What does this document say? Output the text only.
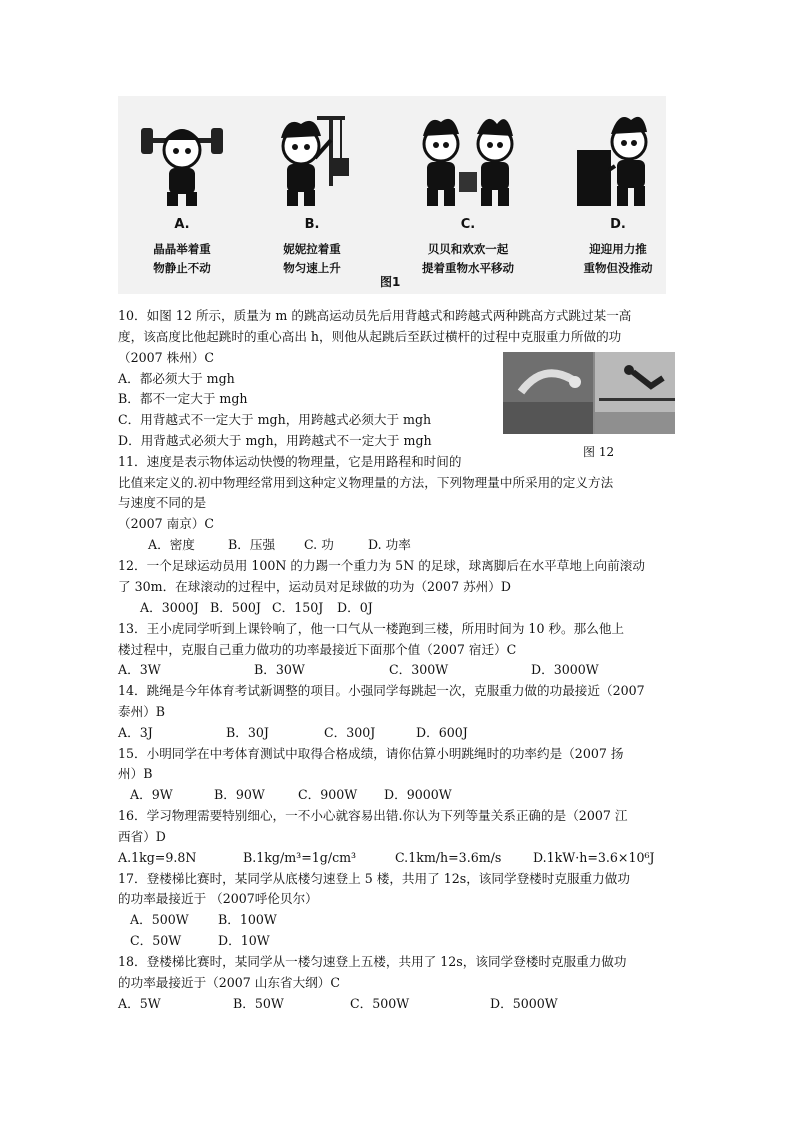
A.
晶晶举着重
物静止不动
B.
妮妮拉着重
物匀速上升
C.
贝贝和欢欢一起
提着重物水平移动
D.
迎迎用力推
重物但没推动
图1
10．如图 12 所示，质量为 m 的跳高运动员先后用背越式和跨越式两种跳高方式跳过某一高
度，该高度比他起跳时的重心高出 h，则他从起跳后至跃过横杆的过程中克服重力所做的功
（2007 株州）C
A．都必须大于 mgh
B．都不一定大于 mgh
C．用背越式不一定大于 mgh，用跨越式必须大于 mgh
D．用背越式必须大于 mgh，用跨越式不一定大于 mgh
图 12
11．速度是表示物体运动快慢的物理量，它是用路程和时间的
比值来定义的.初中物理经常用到这种定义物理量的方法，下列物理量中所采用的定义方法
与速度不同的是
（2007 南京）C
A．密度	B．压强 C. 功	D. 功率
12．一个足球运动员用 100N 的力踢一个重力为 5N 的足球，球离脚后在水平草地上向前滚动
了 30m．在球滚动的过程中，运动员对足球做的功为（2007 苏州）D
A．3000J B．500J C．150J D．0J
13．王小虎同学听到上课铃响了，他一口气从一楼跑到三楼，所用时间为 10 秒。那么他上
楼过程中，克服自己重力做功的功率最接近下面那个值（2007 宿迁）C
A．3W	B．30W	C．300W	D．3000W
14．跳绳是今年体育考试新调整的项目。小强同学每跳起一次，克服重力做的功最接近（2007
泰州）B
A．3J	B．30J	C．300J	D．600J
15．小明同学在中考体育测试中取得合格成绩，请你估算小明跳绳时的功率约是（2007 扬
州）B
A．9W	B．90W	C．900W D．9000W
16．学习物理需要特别细心，一不小心就容易出错.你认为下列等量关系正确的是（2007 江
西省）D
A.1kg=9.8N	B.1kg/m³=1g/cm³	C.1km/h=3.6m/s	D.1kW·h=3.6×10⁶J
17．登楼梯比赛时，某同学从底楼匀速登上 5 楼，共用了 12s，该同学登楼时克服重力做功
的功率最接近于 （2007呼伦贝尔）
A．500W B．100W
C．50W	D．10W
18．登楼梯比赛时，某同学从一楼匀速登上五楼，共用了 12s，该同学登楼时克服重力做功
的功率最接近于（2007 山东省大纲）C
A．5W	B．50W	C．500W	D．5000W
